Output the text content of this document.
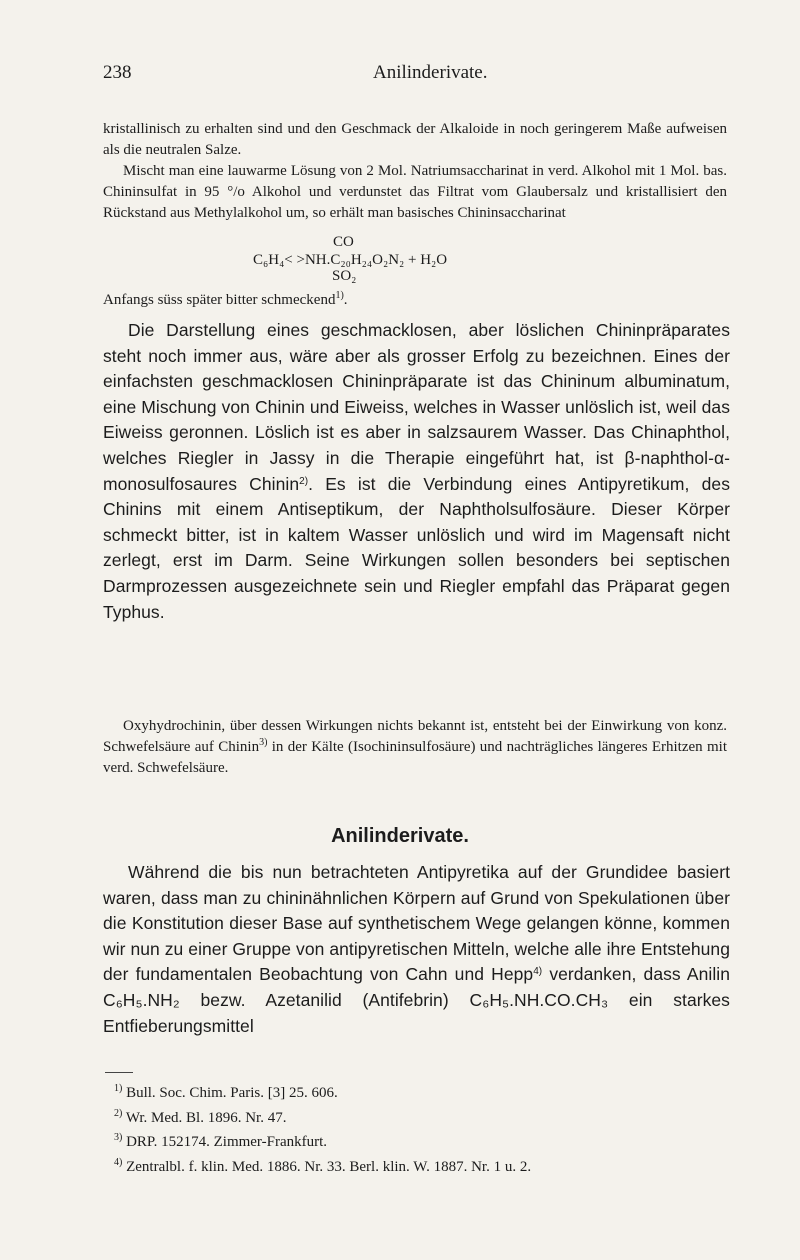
238	Anilinderivate.

kristallinisch zu erhalten sind und den Geschmack der Alkaloide in noch geringerem Maße aufweisen als die neutralen Salze.

Mischt man eine lauwarme Lösung von 2 Mol. Natriumsaccharinat in verd. Alkohol mit 1 Mol. bas. Chininsulfat in 95 °/o Alkohol und verdunstet das Filtrat vom Glaubersalz und kristallisiert den Rückstand aus Methylalkohol um, so erhält man basisches Chininsaccharinat

C₆H₄< >NH.C₂₀H₂₄O₂N₂ + H₂O
CO
SO₂

Anfangs süss später bitter schmeckend$^{1)}$.

Die Darstellung eines geschmacklosen, aber löslichen Chininpräparates steht noch immer aus, wäre aber als grosser Erfolg zu bezeichnen. Eines der einfachsten geschmacklosen Chininpräparate ist das Chininum albuminatum, eine Mischung von Chinin und Eiweiss, welches in Wasser unlöslich ist, weil das Eiweiss geronnen. Löslich ist es aber in salzsaurem Wasser. Das Chinaphthol, welches Riegler in Jassy in die Therapie eingeführt hat, ist β-naphthol-α-monosulfosaures Chinin$^{2)}$. Es ist die Verbindung eines Antipyretikum, des Chinins mit einem Antiseptikum, der Naphtholsulfosäure. Dieser Körper schmeckt bitter, ist in kaltem Wasser unlöslich und wird im Magensaft nicht zerlegt, erst im Darm. Seine Wirkungen sollen besonders bei septischen Darmprozessen ausgezeichnete sein und Riegler empfahl das Präparat gegen Typhus.

Oxyhydrochinin, über dessen Wirkungen nichts bekannt ist, entsteht bei der Einwirkung von konz. Schwefelsäure auf Chinin$^{3)}$ in der Kälte (Isochininsulfosäure) und nachträgliches längeres Erhitzen mit verd. Schwefelsäure.

Anilinderivate.

Während die bis nun betrachteten Antipyretika auf der Grundidee basiert waren, dass man zu chininähnlichen Körpern auf Grund von Spekulationen über die Konstitution dieser Base auf synthetischem Wege gelangen könne, kommen wir nun zu einer Gruppe von antipyretischen Mitteln, welche alle ihre Entstehung der fundamentalen Beobachtung von Cahn und Hepp$^{4)}$ verdanken, dass Anilin C₆H₅.NH₂ bezw. Azetanilid (Antifebrin) C₆H₅.NH.CO.CH₃ ein starkes Entfieberungsmittel

$^{1)}$ Bull. Soc. Chim. Paris. [3] 25. 606.

$^{2)}$ Wr. Med. Bl. 1896. Nr. 47.

$^{3)}$ DRP. 152174. Zimmer-Frankfurt.

$^{4)}$ Zentralbl. f. klin. Med. 1886. Nr. 33. Berl. klin. W. 1887. Nr. 1 u. 2.
